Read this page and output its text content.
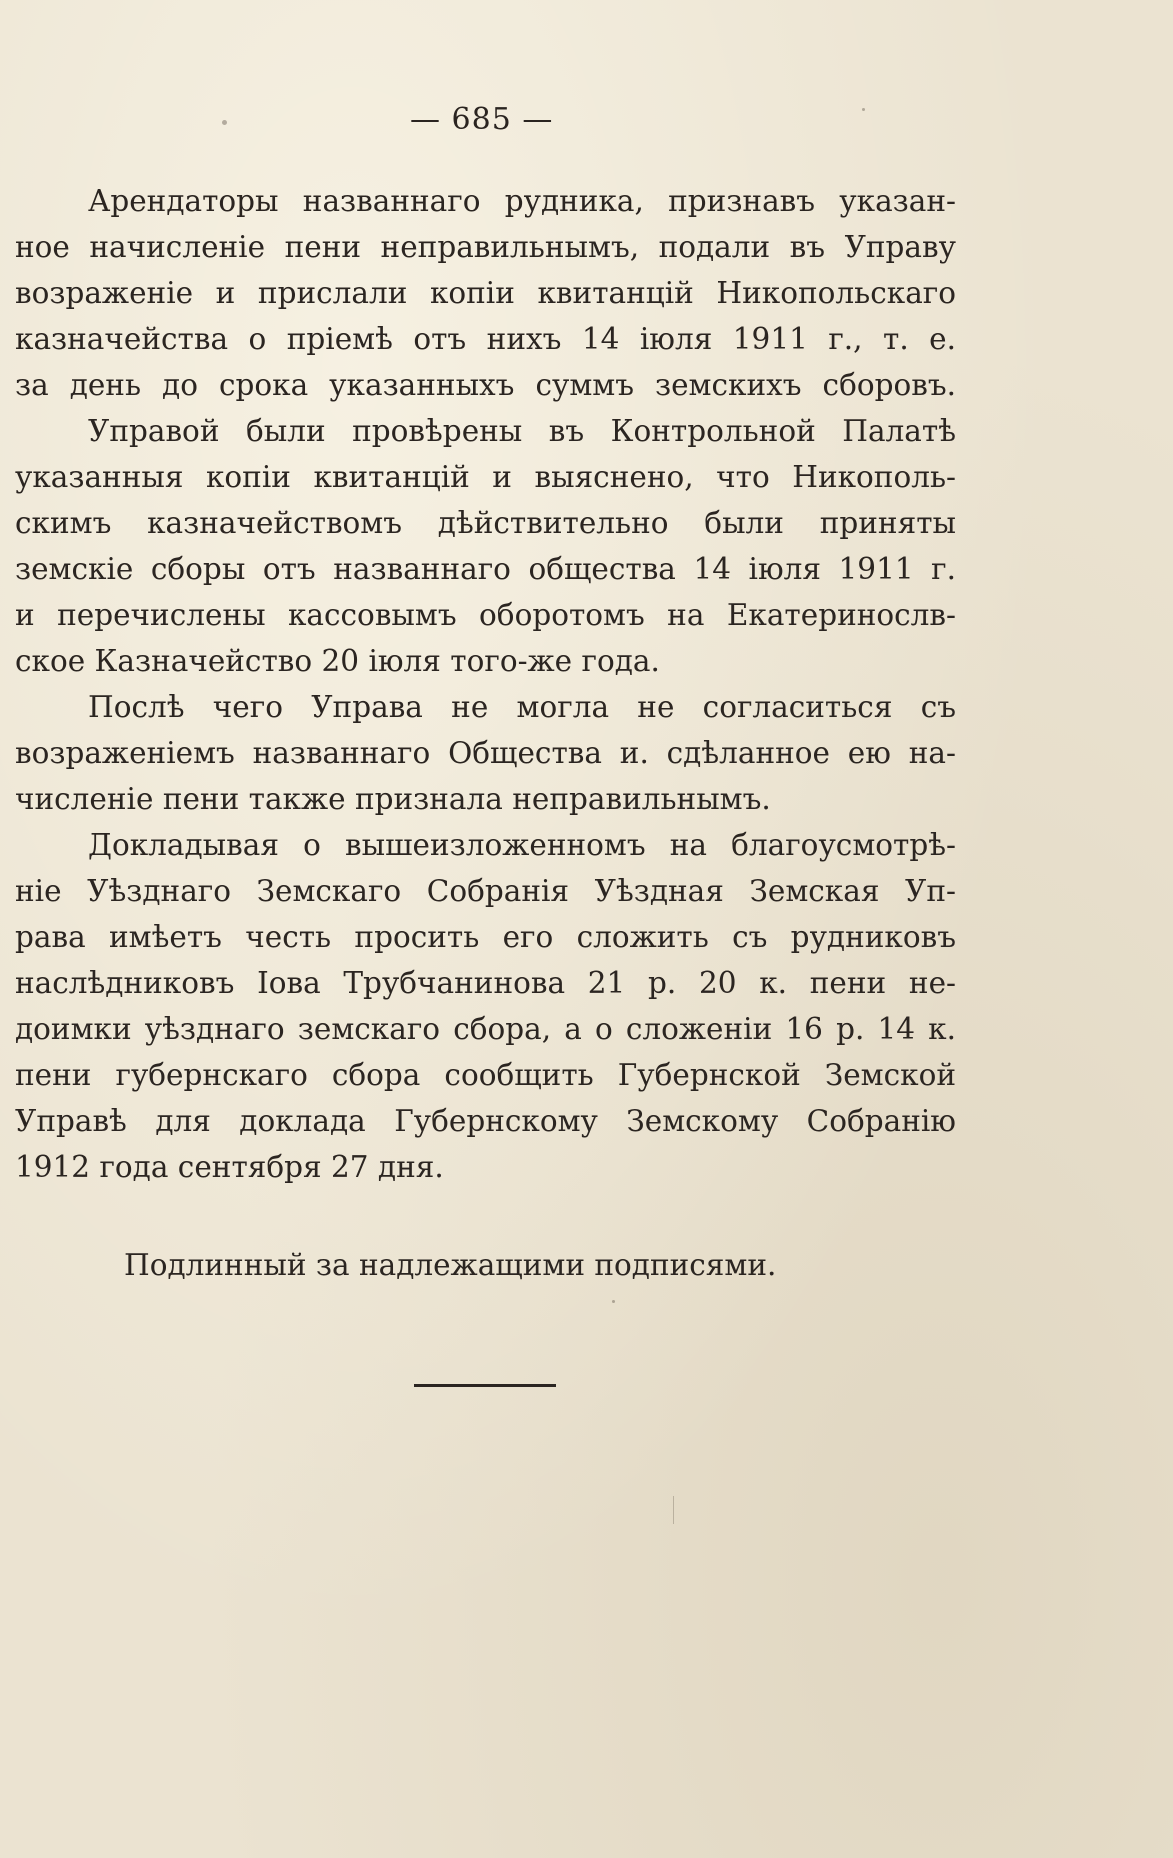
— 685 —
Арендаторы названнаго рудника, признавъ указан-
ное начисленіе пени неправильнымъ, подали въ Управу
возраженіе и прислали копіи квитанцій Никопольскаго
казначейства о пріемѣ отъ нихъ 14 іюля 1911 г., т. е.
за день до срока указанныхъ суммъ земскихъ сборовъ.
Управой были провѣрены въ Контрольной Палатѣ
указанныя копіи квитанцій и выяснено, что Никополь-
скимъ казначействомъ дѣйствительно были приняты
земскіе сборы отъ названнаго общества 14 іюля 1911 г.
и перечислены кассовымъ оборотомъ на Екатеринослв-
ское Казначейство 20 іюля того-же года.
Послѣ чего Управа не могла не согласиться съ
возраженіемъ названнаго Общества и. сдѣланное ею на-
численіе пени также признала неправильнымъ.
Докладывая о вышеизложенномъ на благоусмотрѣ-
ніе Уѣзднаго Земскаго Собранія Уѣздная Земская Уп-
рава имѣетъ честь просить его сложить съ рудниковъ
наслѣдниковъ Іова Трубчанинова 21 р. 20 к. пени не-
доимки уѣзднаго земскаго сбора, а о сложеніи 16 р. 14 к.
пени губернскаго сбора сообщить Губернской Земской
Управѣ для доклада Губернскому Земскому Собранію
1912 года сентября 27 дня.
Подлинный за надлежащими подписями.
